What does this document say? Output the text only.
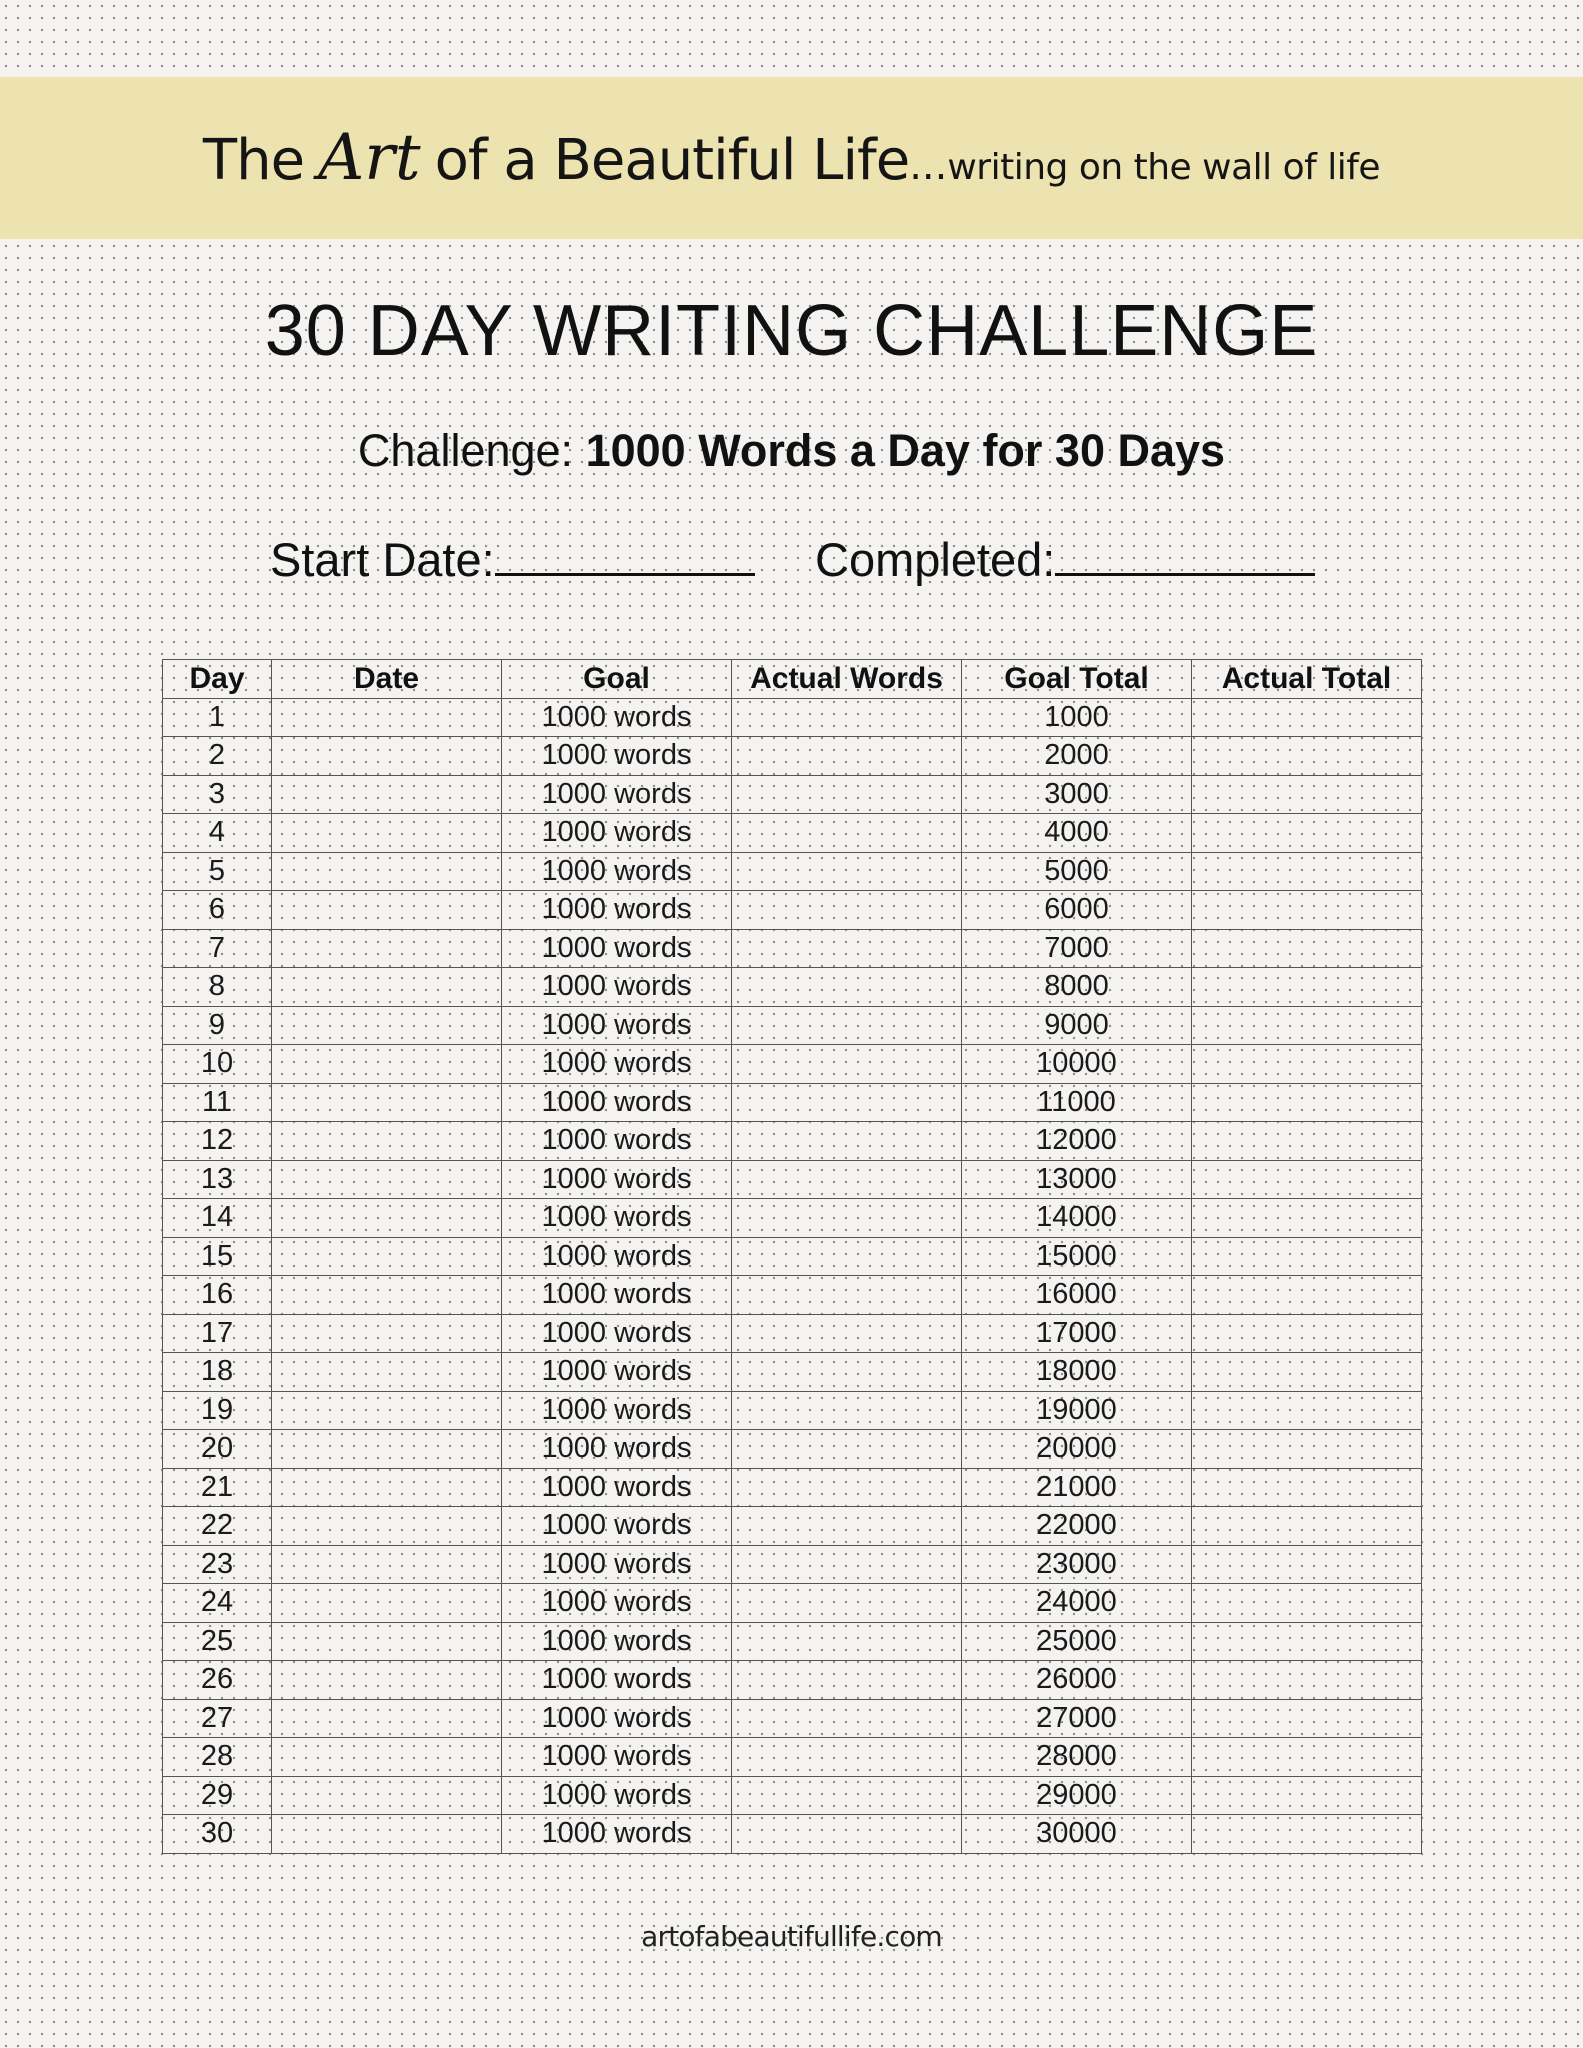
The Art of a Beautiful Life ... writing on the wall of life
30 DAY WRITING CHALLENGE
Challenge: 1000 Words a Day for 30 Days
Start Date:	Completed:
Day	Date	Goal	Actual Words	Goal Total	Actual Total
1		1000 words		1000	
2		1000 words		2000	
3		1000 words		3000	
4		1000 words		4000	
5		1000 words		5000	
6		1000 words		6000	
7		1000 words		7000	
8		1000 words		8000	
9		1000 words		9000	
10		1000 words		10000	
11		1000 words		11000	
12		1000 words		12000	
13		1000 words		13000	
14		1000 words		14000	
15		1000 words		15000	
16		1000 words		16000	
17		1000 words		17000	
18		1000 words		18000	
19		1000 words		19000	
20		1000 words		20000	
21		1000 words		21000	
22		1000 words		22000	
23		1000 words		23000	
24		1000 words		24000	
25		1000 words		25000	
26		1000 words		26000	
27		1000 words		27000	
28		1000 words		28000	
29		1000 words		29000	
30		1000 words		30000	
artofabeautifullife.com
